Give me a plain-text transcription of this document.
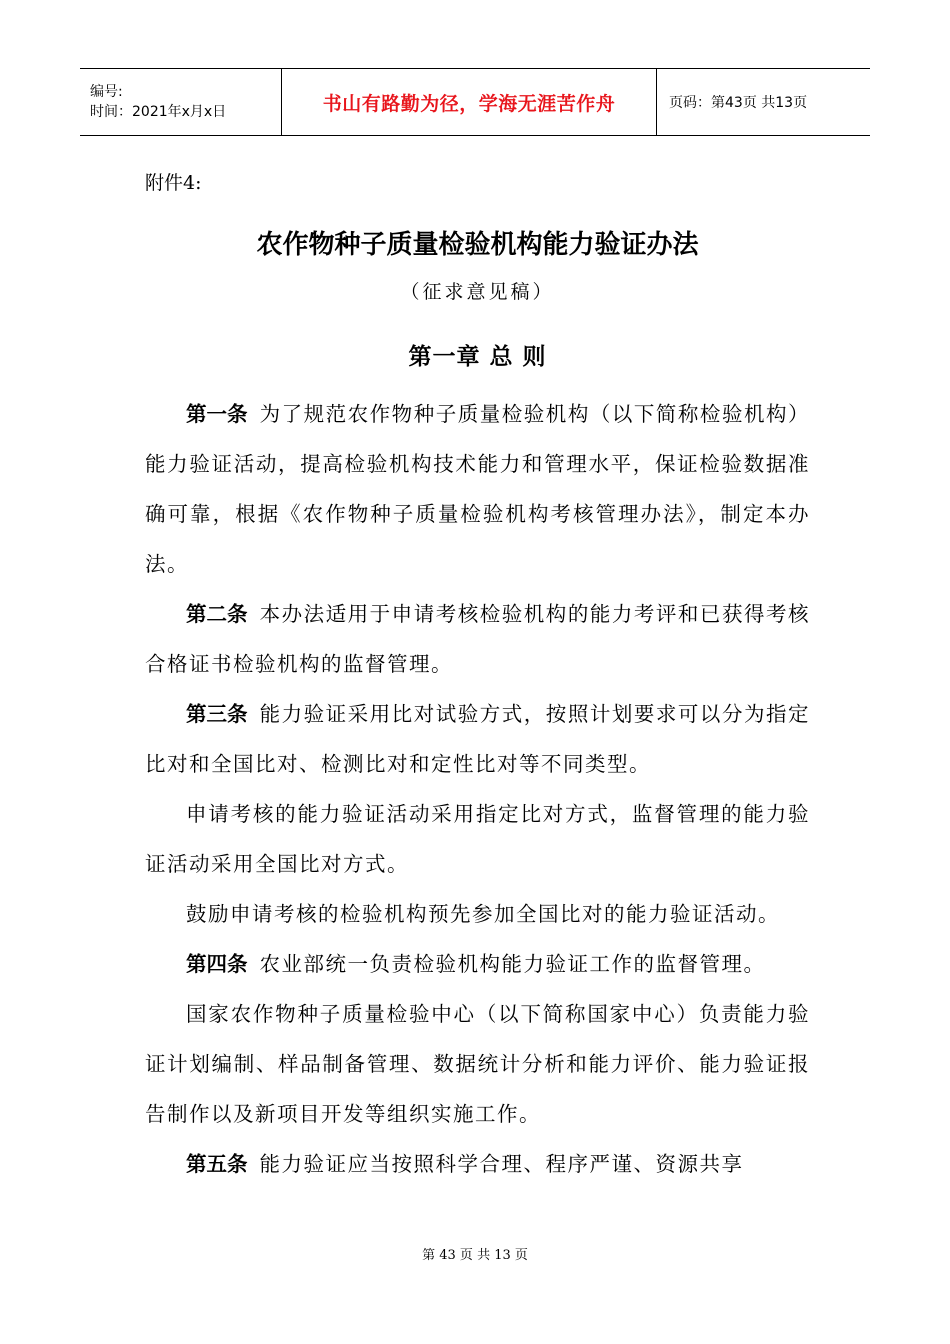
编号:
时间：2021年x月x日	书山有路勤为径，学海无涯苦作舟	页码：第43页 共13页

附件4:

农作物种子质量检验机构能力验证办法

（征求意见稿）

第一章 总 则

第一条 为了规范农作物种子质量检验机构（以下简称检验机构）能力验证活动，提高检验机构技术能力和管理水平，保证检验数据准确可靠，根据《农作物种子质量检验机构考核管理办法》，制定本办法。

第二条 本办法适用于申请考核检验机构的能力考评和已获得考核合格证书检验机构的监督管理。

第三条 能力验证采用比对试验方式，按照计划要求可以分为指定比对和全国比对、检测比对和定性比对等不同类型。

申请考核的能力验证活动采用指定比对方式，监督管理的能力验证活动采用全国比对方式。

鼓励申请考核的检验机构预先参加全国比对的能力验证活动。

第四条 农业部统一负责检验机构能力验证工作的监督管理。

国家农作物种子质量检验中心（以下简称国家中心）负责能力验证计划编制、样品制备管理、数据统计分析和能力评价、能力验证报告制作以及新项目开发等组织实施工作。

第五条 能力验证应当按照科学合理、程序严谨、资源共享

第 43 页 共 13 页
